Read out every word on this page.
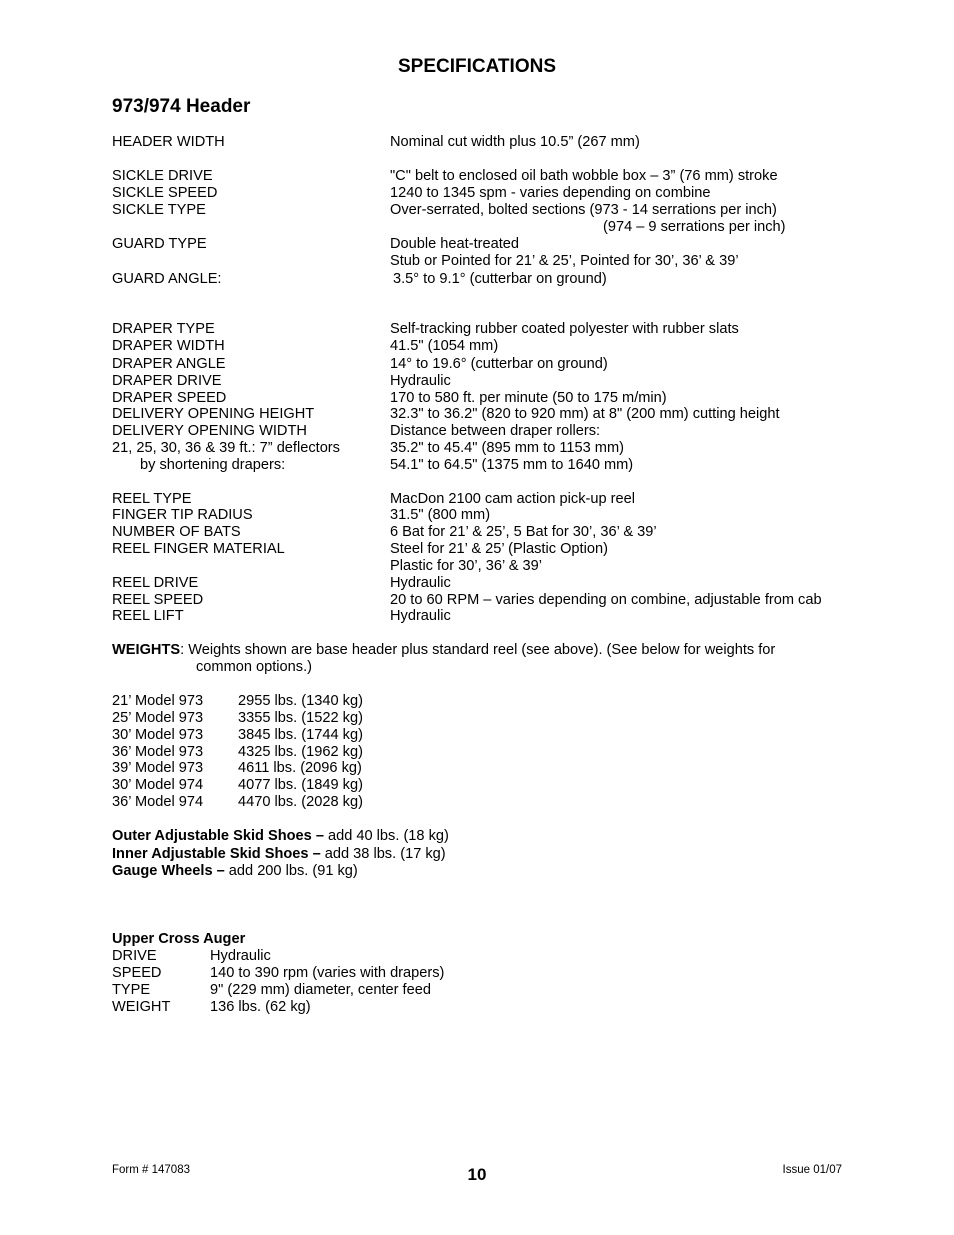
SPECIFICATIONS
973/974 Header
HEADER WIDTH	Nominal cut width plus 10.5” (267 mm)
SICKLE DRIVE	"C" belt to enclosed oil bath wobble box – 3” (76 mm) stroke
SICKLE SPEED	1240 to 1345 spm - varies depending on combine
SICKLE TYPE	Over-serrated, bolted sections (973 - 14 serrations per inch)
(974 – 9 serrations per inch)
GUARD TYPE	Double heat-treated
Stub or Pointed for 21’ & 25’, Pointed for 30’, 36’ & 39’
GUARD ANGLE:	3.5° to 9.1° (cutterbar on ground)
DRAPER TYPE	Self-tracking rubber coated polyester with rubber slats
DRAPER WIDTH	41.5" (1054 mm)
DRAPER ANGLE	14° to 19.6° (cutterbar on ground)
DRAPER DRIVE	Hydraulic
DRAPER SPEED	170 to 580 ft. per minute (50 to 175 m/min)
DELIVERY OPENING HEIGHT	32.3" to 36.2" (820 to 920 mm) at 8" (200 mm) cutting height
DELIVERY OPENING WIDTH	Distance between draper rollers:
21, 25, 30, 36 & 39 ft.: 7” deflectors	35.2" to 45.4" (895 mm to 1153 mm)
by shortening drapers:	54.1" to 64.5" (1375 mm to 1640 mm)
REEL TYPE	MacDon 2100 cam action pick-up reel
FINGER TIP RADIUS	31.5" (800 mm)
NUMBER OF BATS	6 Bat for 21’ & 25’, 5 Bat for 30’, 36’ & 39’
REEL FINGER MATERIAL	Steel for 21’ & 25’ (Plastic Option)
Plastic for 30’, 36’ & 39’
REEL DRIVE	Hydraulic
REEL SPEED	20 to 60 RPM – varies depending on combine, adjustable from cab
REEL LIFT	Hydraulic
WEIGHTS: Weights shown are base header plus standard reel (see above). (See below for weights for
common options.)
21’ Model 973 2955 lbs. (1340 kg)
25’ Model 973 3355 lbs. (1522 kg)
30’ Model 973 3845 lbs. (1744 kg)
36’ Model 973 4325 lbs. (1962 kg)
39’ Model 973 4611 lbs. (2096 kg)
30’ Model 974 4077 lbs. (1849 kg)
36’ Model 974 4470 lbs. (2028 kg)
Outer Adjustable Skid Shoes – add 40 lbs. (18 kg)
Inner Adjustable Skid Shoes – add 38 lbs. (17 kg)
Gauge Wheels – add 200 lbs. (91 kg)
Upper Cross Auger
DRIVE	Hydraulic
SPEED	140 to 390 rpm (varies with drapers)
TYPE	9" (229 mm) diameter, center feed
WEIGHT	136 lbs. (62 kg)
Form # 147083	10	Issue 01/07
